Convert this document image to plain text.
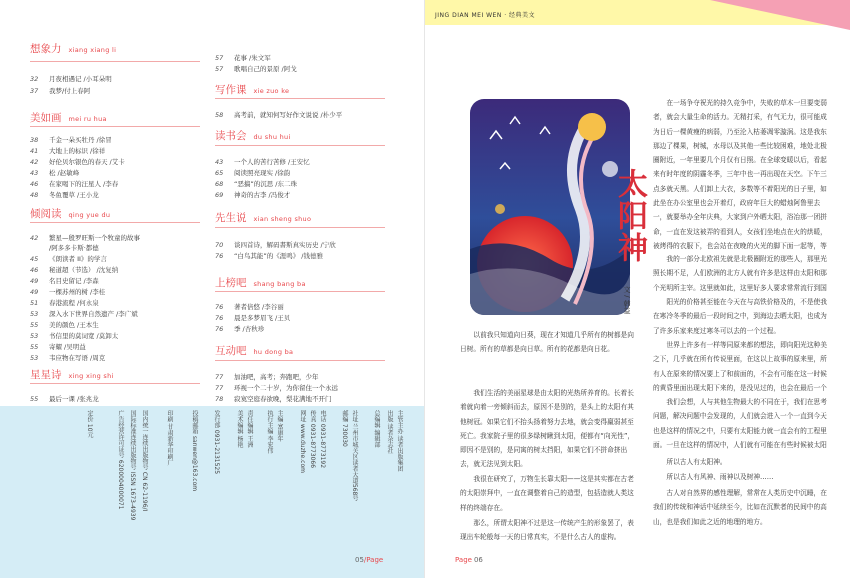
想象力 xiang xiang li
32 月夜相遇记 /小耳朵明
37 我梦/付上春阿
美如画 mei ru hua
38 千金一朵买牡丹 /徐冒
41 大地上的标识 /徐祥
42 好伦贝尔银色的春天 /艾卡
43 松 /赵敏峰
46 在家喝下的汪星人 /李春
48 冬鱼覆草 /王小龙
倾阅读 qing yue du
42 繁星—殷罗旺斯一个牧童的故事
/阿多多卡斯·都德
45 《朗读者 II》的学言
46 秘道超（节选） /沈复纳
49 名目史留记 /李森
49 一棵苏州的树 /李桂
51 春港流程 /何永泉
53 深入水下世界自然遗产 /李广斌
55 美的颜色 /王本生
53 书信里的莫词宽 /莫卸太
55 寄耀 /吴明益
53 韦应物在写语 /周克
星星诗 xing xing shi
55 最后一课 /张兆龙
57 花事 /朱文军
57 歌唱自己的景原 /阿戈
写作课 xie zuo ke
58 高考前，就知何写好作文说说 /朴少平
读书会 du shu hui
43 一个人的苦行苦修 /王安忆
65 阅读照亮现实 /徐韵
68 “恶搞”的沉思 /东二珠
69 神奇的古李 /冯俊才
先生说 xian sheng shuo
70 谈四首诗，解码書斯真实历史 /宁欣
76 “白鸟其能”的《涯鸣》 /钱德雅
上榜吧 shang bang ba
76 著者倍悠 /李谷丽
76 晨是多梦眉飞 /王贝
76 季 /杏秋珍
互动吧 hu dong ba
77 加油吧，高考；奔跑吧，少年
77 环视一个二十岁，为你留住一个永远
78 寂寞空庭春欲晚，梨花满地不开门
主管主办 读者出版集团
出版 读者杂志社
总编辑 编辑部
社址 兰州市城关区读者大道568号
邮编 730030
电话 0931-8773192
传真 0931-8773066
网址 www.duzhe.com
主编 富康年
执行主编 李宏伟
责任编辑 王洲
美术编辑 杨艳
发行部 0931-2131525
投稿邮箱 sanwen@163.com
印刷 甘肃新华印刷厂
国内统一连续出版物号 CN 62-1196/I
国际标准连续出版物号 ISSN 1673-4939
广告经营许可证号 6200004000071
定价 10元
05/Page
JING DIAN MEI WEN · 经典美文
太阳神
文 / 韩益
以前我只知道向日葵，现在才知道几乎所有的树都是向日树。所有的草都是向日草。所有的花都是向日花。
我们生活的美丽星球是由太阳的光热所养育的。长着长着就向着一旁倾斜而去，原因不是别的，是头上的太阳有其他树冠。如果它们不抬头扬着努力去地，就会变得羸弱甚至死亡。我家院子里的很多绿树瞅到太阳，便都有“向光性”，即因不是别的，是同寓的树太挡阳，如果它们不拼命挤出去，就无法见到太阳。
我很在研究了，万物生长靠太阳——这是其实都在古老的太阳崇拜中，一直在调整着自己的造型，包括造就人类这样的终端存在。
那么，所谓太阳神不过是这一传统产生的形象罢了，表现出车轮般每一天的日常真实，不是什么古人的虚构。
在一场争夺祝光的持久竞争中，失败的草木一旦要变弱者，就会大量生命的活力。无精打采，有气无力，很可能成为日后一棵黄瘦的病弱，乃至沦入枯萎凋零漩涡。这是我东那边了棵果，树城，水母以及其他一些比较困难，地处北极圈附近，一年里要几个月仅有日照。在全球变暖以后，看起来有时年度的阴霾冬季，三年中也一再出现在天空。下午三点多就天黑。人们卸上大衣，多数等不着阳光的日子里，如此坐在办公室里也会开着灯，政府年巨大的蜡烛阿鲁里去一，就要举办全年庆典，大家到户外晒太阳，浴冶那一团拼命，一直在发这被弄的看到人，女孩们坐地点在火的烘暖，被烤得的衣服下，也会站在夜晚的火光的脚下面一起等，等
我的一部分北欧祖先就是北极圈附近的那些人，那里光照长期不足，人们欧洲的北方人就有许多是这样由太阳和那个光明所主宰。这里就如此，这里好多人要求常常流行到国
阳光的价格甚至能在今天在与高铁价格及的，不是使我在寒冷冬季的最后一段时间之中，到海边去晒太阳，也成为了许多乐家来度过寒冬可以去的一个过程。
世界上许多有一样等同原来都的想法，即向阳光这种美之下，几乎就在所有传说里面，在这以上故事的原来里，所有人在原来的情况要上了和前面的，不会有可能在这一时候的黄昏里面出现太阳下来的，是没见过的，也会在最后一个
我们会想，人与其他生物最大的不同在于，我们在思考问题，解决问题中会发现的，人们就会进入一个一直到今天也是这样的情况之中，只要有太阳能力就一直会有的工程里面。一旦在这样的情况中，人们就有可能在有些时候被太阳
所以古人有太阳神。
所以古人有风神、雨神以及树神……
古人对自然界的感性理解，常常在人类历史中沉睡，在我们的传统和神话中延续至今，比如在沉默者的民间中的高山，也是我们如此之近的地理的地方。
Page 06
